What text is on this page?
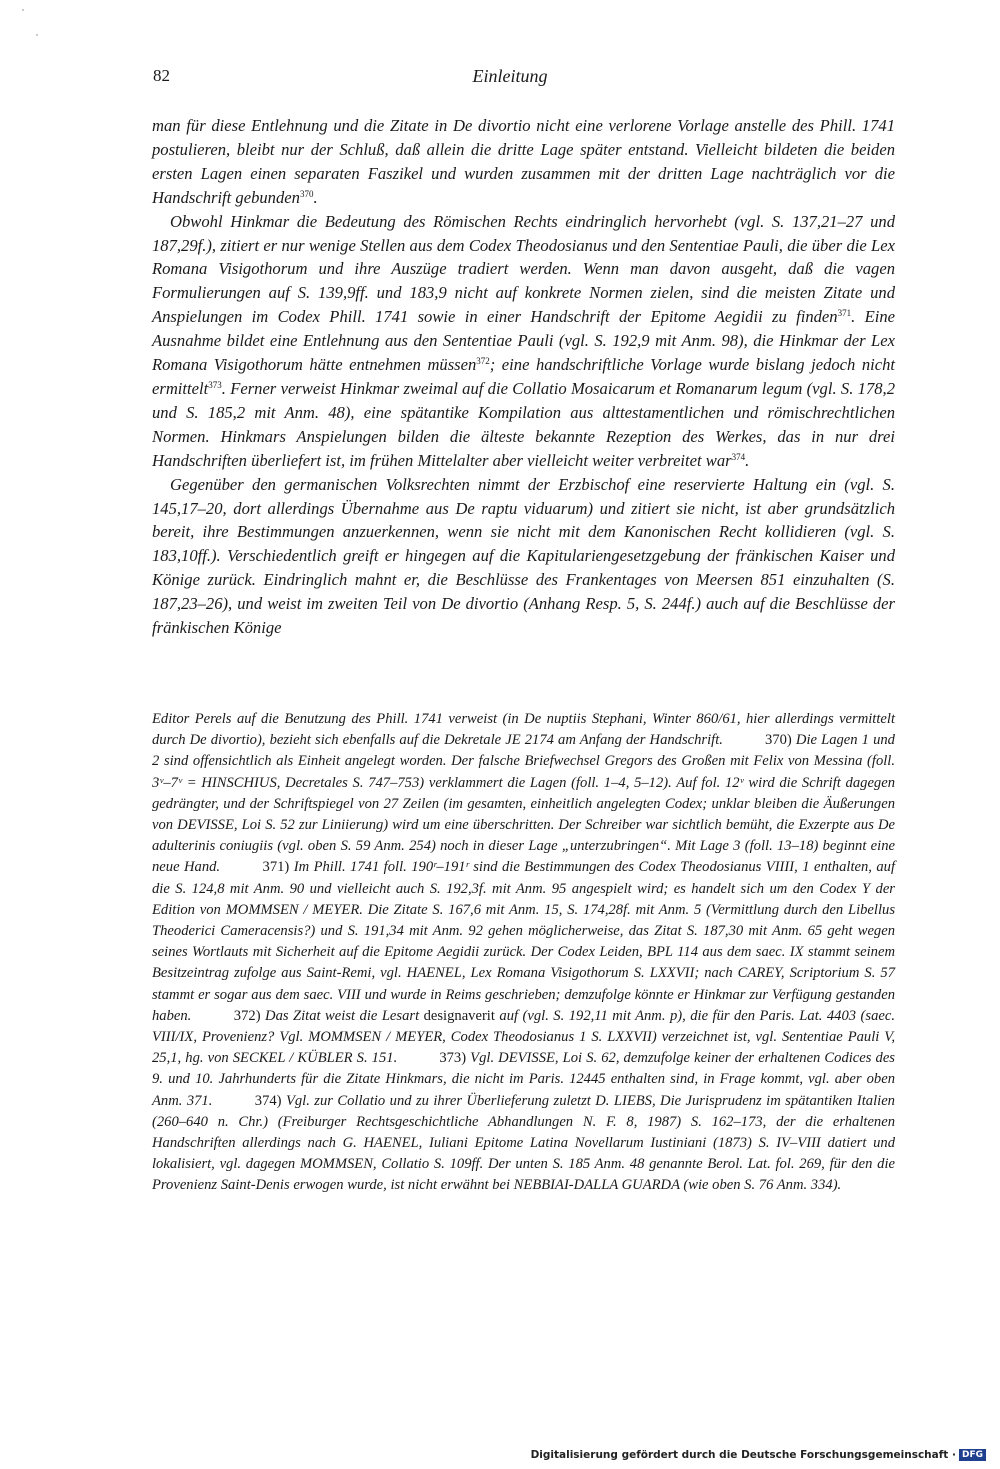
82	Einleitung

man für diese Entlehnung und die Zitate in De divortio nicht eine verlorene Vorlage anstelle des Phill. 1741 postulieren, bleibt nur der Schluß, daß allein die dritte Lage später entstand. Vielleicht bildeten die beiden ersten Lagen einen separaten Faszikel und wurden zusammen mit der dritten Lage nachträglich vor die Handschrift gebunden$^{370}$.

Obwohl Hinkmar die Bedeutung des Römischen Rechts eindringlich hervorhebt (vgl. S. 137,21–27 und 187,29f.), zitiert er nur wenige Stellen aus dem Codex Theodosianus und den Sententiae Pauli, die über die Lex Romana Visigothorum und ihre Auszüge tradiert werden. Wenn man davon ausgeht, daß die vagen Formulierungen auf S. 139,9ff. und 183,9 nicht auf konkrete Normen zielen, sind die meisten Zitate und Anspielungen im Codex Phill. 1741 sowie in einer Handschrift der Epitome Aegidii zu finden$^{371}$. Eine Ausnahme bildet eine Entlehnung aus den Sententiae Pauli (vgl. S. 192,9 mit Anm. 98), die Hinkmar der Lex Romana Visigothorum hätte entnehmen müssen$^{372}$; eine handschriftliche Vorlage wurde bislang jedoch nicht ermittelt$^{373}$. Ferner verweist Hinkmar zweimal auf die Collatio Mosaicarum et Romanarum legum (vgl. S. 178,2 und S. 185,2 mit Anm. 48), eine spätantike Kompilation aus alttestamentlichen und römischrechtlichen Normen. Hinkmars Anspielungen bilden die älteste bekannte Rezeption des Werkes, das in nur drei Handschriften überliefert ist, im frühen Mittelalter aber vielleicht weiter verbreitet war$^{374}$.

Gegenüber den germanischen Volksrechten nimmt der Erzbischof eine reservierte Haltung ein (vgl. S. 145,17–20, dort allerdings Übernahme aus De raptu viduarum) und zitiert sie nicht, ist aber grundsätzlich bereit, ihre Bestimmungen anzuerkennen, wenn sie nicht mit dem Kanonischen Recht kollidieren (vgl. S. 183,10ff.). Verschiedentlich greift er hingegen auf die Kapitulariengesetzgebung der fränkischen Kaiser und Könige zurück. Eindringlich mahnt er, die Beschlüsse des Frankentages von Meersen 851 einzuhalten (S. 187,23–26), und weist im zweiten Teil von De divortio (Anhang Resp. 5, S. 244f.) auch auf die Beschlüsse der fränkischen Könige

Editor Perels auf die Benutzung des Phill. 1741 verweist (in De nuptiis Stephani, Winter 860/61, hier allerdings vermittelt durch De divortio), bezieht sich ebenfalls auf die Dekretale JE 2174 am Anfang der Handschrift.	370) Die Lagen 1 und 2 sind offensichtlich als Einheit angelegt worden. Der falsche Briefwechsel Gregors des Großen mit Felix von Messina (foll. 3ᵛ–7ᵛ = HINSCHIUS, Decretales S. 747–753) verklammert die Lagen (foll. 1–4, 5–12). Auf fol. 12ᵛ wird die Schrift dagegen gedrängter, und der Schriftspiegel von 27 Zeilen (im gesamten, einheitlich angelegten Codex; unklar bleiben die Äußerungen von DEVISSE, Loi S. 52 zur Liniierung) wird um eine überschritten. Der Schreiber war sichtlich bemüht, die Exzerpte aus De adulterinis coniugiis (vgl. oben S. 59 Anm. 254) noch in dieser Lage „unterzubringen“. Mit Lage 3 (foll. 13–18) beginnt eine neue Hand.	371) Im Phill. 1741 foll. 190ʳ–191ʳ sind die Bestimmungen des Codex Theodosianus VIIII, 1 enthalten, auf die S. 124,8 mit Anm. 90 und vielleicht auch S. 192,3f. mit Anm. 95 angespielt wird; es handelt sich um den Codex Y der Edition von MOMMSEN / MEYER. Die Zitate S. 167,6 mit Anm. 15, S. 174,28f. mit Anm. 5 (Vermittlung durch den Libellus Theoderici Cameracensis?) und S. 191,34 mit Anm. 92 gehen möglicherweise, das Zitat S. 187,30 mit Anm. 65 geht wegen seines Wortlauts mit Sicherheit auf die Epitome Aegidii zurück. Der Codex Leiden, BPL 114 aus dem saec. IX stammt seinem Besitzeintrag zufolge aus Saint-Remi, vgl. HAENEL, Lex Romana Visigothorum S. LXXVII; nach CAREY, Scriptorium S. 57 stammt er sogar aus dem saec. VIII und wurde in Reims geschrieben; demzufolge könnte er Hinkmar zur Verfügung gestanden haben.	372) Das Zitat weist die Lesart designaverit auf (vgl. S. 192,11 mit Anm. p), die für den Paris. Lat. 4403 (saec. VIII/IX, Provenienz? Vgl. MOMMSEN / MEYER, Codex Theodosianus 1 S. LXXVII) verzeichnet ist, vgl. Sententiae Pauli V, 25,1, hg. von SECKEL / KÜBLER S. 151.	373) Vgl. DEVISSE, Loi S. 62, demzufolge keiner der erhaltenen Codices des 9. und 10. Jahrhunderts für die Zitate Hinkmars, die nicht im Paris. 12445 enthalten sind, in Frage kommt, vgl. aber oben Anm. 371.	374) Vgl. zur Collatio und zu ihrer Überlieferung zuletzt D. LIEBS, Die Jurisprudenz im spätantiken Italien (260–640 n. Chr.) (Freiburger Rechtsgeschichtliche Abhandlungen N. F. 8, 1987) S. 162–173, der die erhaltenen Handschriften allerdings nach G. HAENEL, Iuliani Epitome Latina Novellarum Iustiniani (1873) S. IV–VIII datiert und lokalisiert, vgl. dagegen MOMMSEN, Collatio S. 109ff. Der unten S. 185 Anm. 48 genannte Berol. Lat. fol. 269, für den die Provenienz Saint-Denis erwogen wurde, ist nicht erwähnt bei NEBBIAI-DALLA GUARDA (wie oben S. 76 Anm. 334).

Digitalisierung gefördert durch die Deutsche Forschungsgemeinschaft · DFG
